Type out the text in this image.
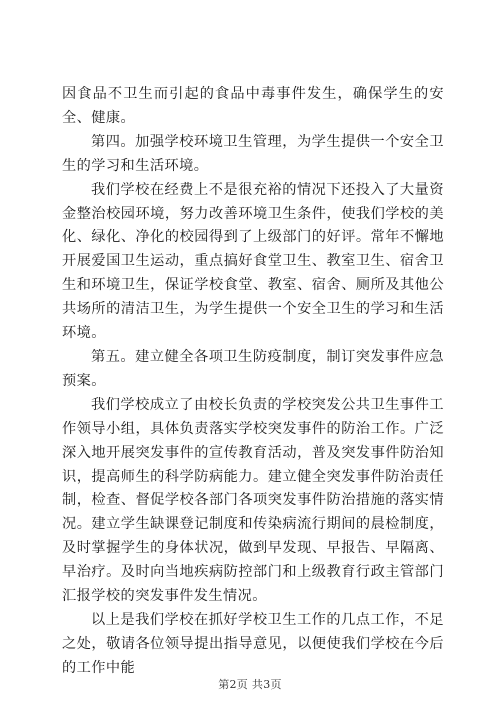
因食品不卫生而引起的食品中毒事件发生，确保学生的安全、健康。

第四。加强学校环境卫生管理，为学生提供一个安全卫生的学习和生活环境。

我们学校在经费上不是很充裕的情况下还投入了大量资金整治校园环境，努力改善环境卫生条件，使我们学校的美化、绿化、净化的校园得到了上级部门的好评。常年不懈地开展爱国卫生运动，重点搞好食堂卫生、教室卫生、宿舍卫生和环境卫生，保证学校食堂、教室、宿舍、厕所及其他公共场所的清洁卫生，为学生提供一个安全卫生的学习和生活环境。

第五。建立健全各项卫生防疫制度，制订突发事件应急预案。

我们学校成立了由校长负责的学校突发公共卫生事件工作领导小组，具体负责落实学校突发事件的防治工作。广泛深入地开展突发事件的宣传教育活动，普及突发事件防治知识，提高师生的科学防病能力。建立健全突发事件防治责任制，检查、督促学校各部门各项突发事件防治措施的落实情况。建立学生缺课登记制度和传染病流行期间的晨检制度，及时掌握学生的身体状况，做到早发现、早报告、早隔离、早治疗。及时向当地疾病防控部门和上级教育行政主管部门汇报学校的突发事件发生情况。

以上是我们学校在抓好学校卫生工作的几点工作，不足之处，敬请各位领导提出指导意见，以便使我们学校在今后的工作中能

第2页 共3页
